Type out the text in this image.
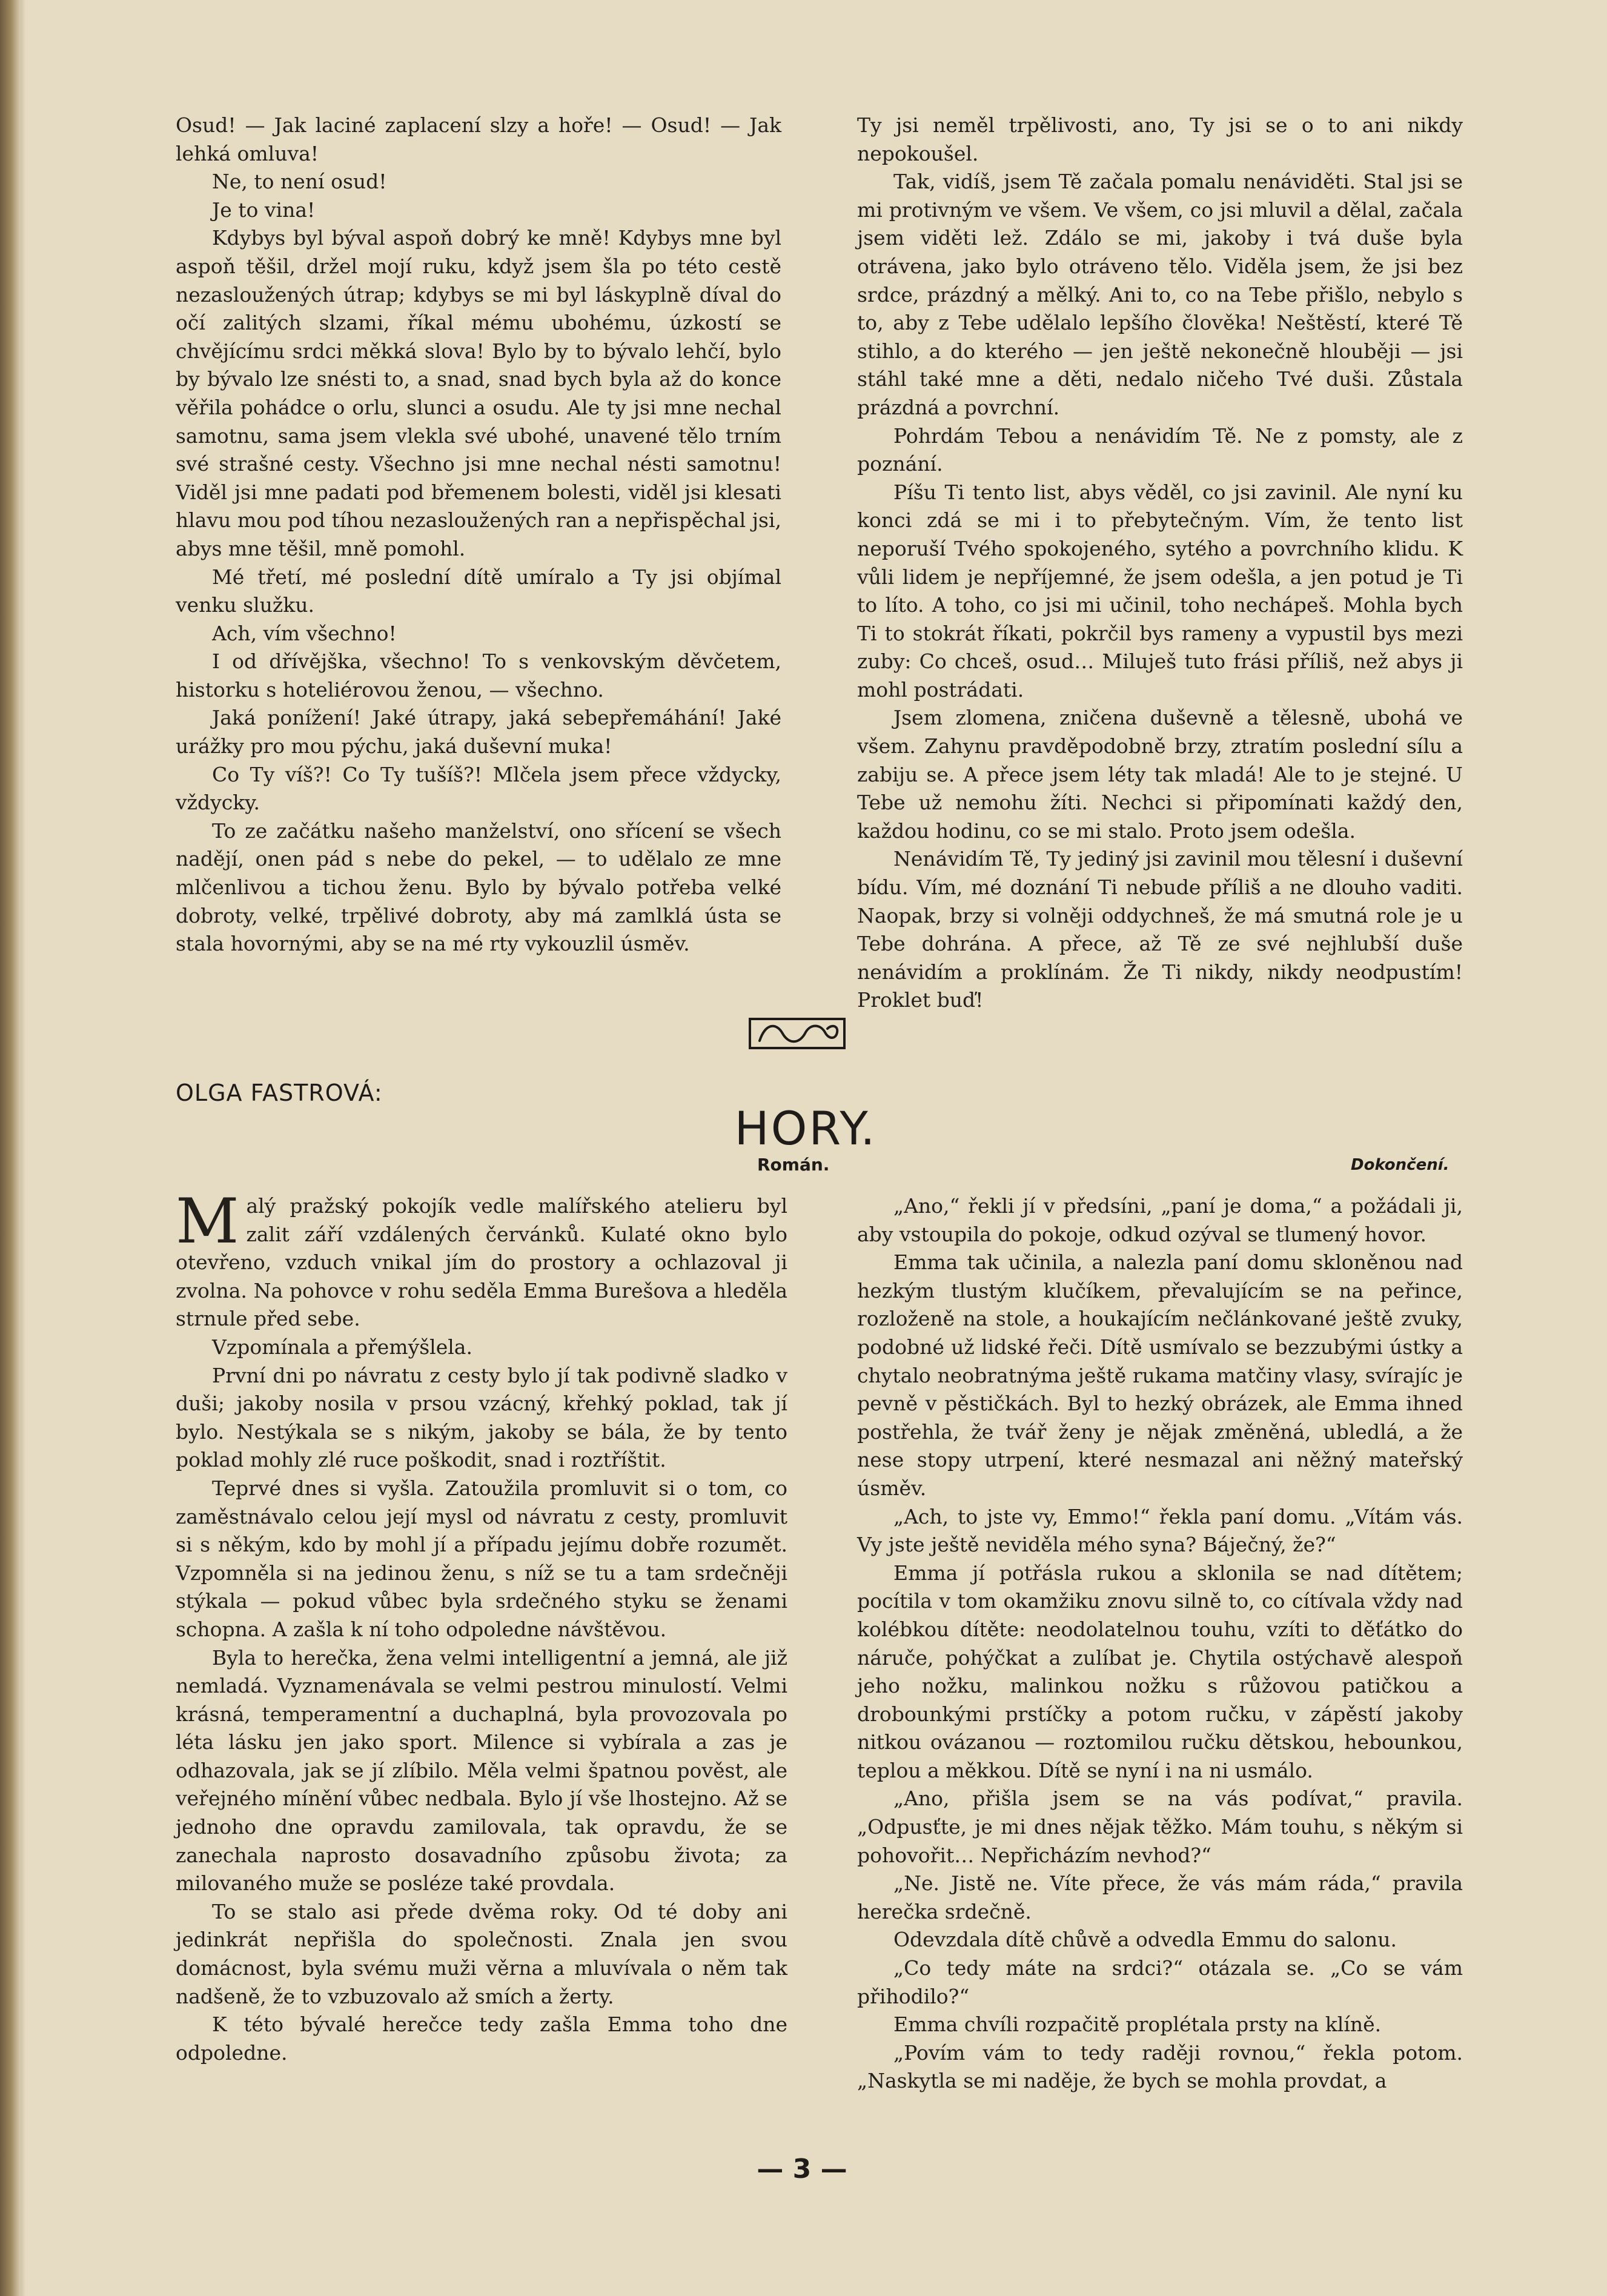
Osud! — Jak laciné zaplacení slzy a hoře! — Osud! — Jak lehká omluva!

Ne, to není osud!

Je to vina!

Kdybys byl býval aspoň dobrý ke mně! Kdybys mne byl aspoň těšil, držel mojí ruku, když jsem šla po této cestě nezasloužených útrap; kdybys se mi byl láskyplně díval do očí zalitých slzami, říkal mému ubohému, úzkostí se chvějícímu srdci měkká slova! Bylo by to bývalo lehčí, bylo by bývalo lze snésti to, a snad, snad bych byla až do konce věřila pohádce o orlu, slunci a osudu. Ale ty jsi mne nechal samotnu, sama jsem vlekla své ubohé, unavené tělo trním své strašné cesty. Všechno jsi mne nechal nésti samotnu! Viděl jsi mne padati pod břemenem bolesti, viděl jsi klesati hlavu mou pod tíhou nezasloužených ran a nepřispěchal jsi, abys mne těšil, mně pomohl.

Mé třetí, mé poslední dítě umíralo a Ty jsi objímal venku služku.

Ach, vím všechno!

I od dřívějška, všechno! To s venkovským děvčetem, historku s hoteliérovou ženou, — všechno.

Jaká ponížení! Jaké útrapy, jaká sebepřemáhání! Jaké urážky pro mou pýchu, jaká duševní muka!

Co Ty víš?! Co Ty tušíš?! Mlčela jsem přece vždycky, vždycky.

To ze začátku našeho manželství, ono sřícení se všech nadějí, onen pád s nebe do pekel, — to udělalo ze mne mlčenlivou a tichou ženu. Bylo by bývalo potřeba velké dobroty, velké, trpělivé dobroty, aby má zamlklá ústa se stala hovornými, aby se na mé rty vykouzlil úsměv.

Ty jsi neměl trpělivosti, ano, Ty jsi se o to ani nikdy nepokoušel.

Tak, vidíš, jsem Tě začala pomalu nenáviděti. Stal jsi se mi protivným ve všem. Ve všem, co jsi mluvil a dělal, začala jsem viděti lež. Zdálo se mi, jakoby i tvá duše byla otrávena, jako bylo otráveno tělo. Viděla jsem, že jsi bez srdce, prázdný a mělký. Ani to, co na Tebe přišlo, nebylo s to, aby z Tebe udělalo lepšího člověka! Neštěstí, které Tě stihlo, a do kterého — jen ještě nekonečně hlouběji — jsi stáhl také mne a děti, nedalo ničeho Tvé duši. Zůstala prázdná a povrchní.

Pohrdám Tebou a nenávidím Tě. Ne z pomsty, ale z poznání.

Píšu Ti tento list, abys věděl, co jsi zavinil. Ale nyní ku konci zdá se mi i to přebytečným. Vím, že tento list neporuší Tvého spokojeného, sytého a povrchního klidu. K vůli lidem je nepříjemné, že jsem odešla, a jen potud je Ti to líto. A toho, co jsi mi učinil, toho nechápeš. Mohla bych Ti to stokrát říkati, pokrčil bys rameny a vypustil bys mezi zuby: Co chceš, osud… Miluješ tuto frási příliš, než abys ji mohl postrádati.

Jsem zlomena, zničena duševně a tělesně, ubohá ve všem. Zahynu pravděpodobně brzy, ztratím poslední sílu a zabiju se. A přece jsem léty tak mladá! Ale to je stejné. U Tebe už nemohu žíti. Nechci si připomínati každý den, každou hodinu, co se mi stalo. Proto jsem odešla.

Nenávidím Tě, Ty jediný jsi zavinil mou tělesní i duševní bídu. Vím, mé doznání Ti nebude příliš a ne dlouho vaditi. Naopak, brzy si volněji oddychneš, že má smutná role je u Tebe dohrána. A přece, až Tě ze své nejhlubší duše nenávidím a proklínám. Že Ti nikdy, nikdy neodpustím! Proklet buď!

OLGA FASTROVÁ:
HORY.
Román.	Dokončení.

Malý pražský pokojík vedle malířského atelieru byl zalit září vzdálených červánků. Kulaté okno bylo otevřeno, vzduch vnikal jím do prostory a ochlazoval ji zvolna. Na pohovce v rohu seděla Emma Burešova a hleděla strnule před sebe.

Vzpomínala a přemýšlela.

První dni po návratu z cesty bylo jí tak podivně sladko v duši; jakoby nosila v prsou vzácný, křehký poklad, tak jí bylo. Nestýkala se s nikým, jakoby se bála, že by tento poklad mohly zlé ruce poškodit, snad i roztříštit.

Teprvé dnes si vyšla. Zatoužila promluvit si o tom, co zaměstnávalo celou její mysl od návratu z cesty, promluvit si s někým, kdo by mohl jí a případu jejímu dobře rozumět. Vzpomněla si na jedinou ženu, s níž se tu a tam srdečněji stýkala — pokud vůbec byla srdečného styku se ženami schopna. A zašla k ní toho odpoledne návštěvou.

Byla to herečka, žena velmi intelligentní a jemná, ale již nemladá. Vyznamenávala se velmi pestrou minulostí. Velmi krásná, temperamentní a duchaplná, byla provozovala po léta lásku jen jako sport. Milence si vybírala a zas je odhazovala, jak se jí zlíbilo. Měla velmi špatnou pověst, ale veřejného mínění vůbec nedbala. Bylo jí vše lhostejno. Až se jednoho dne opravdu zamilovala, tak opravdu, že se zanechala naprosto dosavadního způsobu života; za milovaného muže se posléze také provdala.

To se stalo asi přede dvěma roky. Od té doby ani jedinkrát nepřišla do společnosti. Znala jen svou domácnost, byla svému muži věrna a mluvívala o něm tak nadšeně, že to vzbuzovalo až smích a žerty.

K této bývalé herečce tedy zašla Emma toho dne odpoledne.

„Ano,“ řekli jí v předsíni, „paní je doma,“ a požádali ji, aby vstoupila do pokoje, odkud ozýval se tlumený hovor.

Emma tak učinila, a nalezla paní domu skloněnou nad hezkým tlustým klučíkem, převalujícím se na peřince, rozloženě na stole, a houkajícím nečlánkované ještě zvuky, podobné už lidské řeči. Dítě usmívalo se bezzubými ústky a chytalo neobratnýma ještě rukama matčiny vlasy, svírajíc je pevně v pěstičkách. Byl to hezký obrázek, ale Emma ihned postřehla, že tvář ženy je nějak změněná, ubledlá, a že nese stopy utrpení, které nesmazal ani něžný mateřský úsměv.

„Ach, to jste vy, Emmo!“ řekla paní domu. „Vítám vás. Vy jste ještě neviděla mého syna? Báječný, že?“

Emma jí potřásla rukou a sklonila se nad dítětem; pocítila v tom okamžiku znovu silně to, co cítívala vždy nad kolébkou dítěte: neodolatelnou touhu, vzíti to děťátko do náruče, pohýčkat a zulíbat je. Chytila ostýchavě alespoň jeho nožku, malinkou nožku s růžovou patičkou a drobounkými prstíčky a potom ručku, v zápěstí jakoby nitkou ovázanou — roztomilou ručku dětskou, hebounkou, teplou a měkkou. Dítě se nyní i na ni usmálo.

„Ano, přišla jsem se na vás podívat,“ pravila. „Odpusťte, je mi dnes nějak těžko. Mám touhu, s někým si pohovořit… Nepřicházím nevhod?“

„Ne. Jistě ne. Víte přece, že vás mám ráda,“ pravila herečka srdečně.

Odevzdala dítě chůvě a odvedla Emmu do salonu.

„Co tedy máte na srdci?“ otázala se. „Co se vám přihodilo?“

Emma chvíli rozpačitě proplétala prsty na klíně.

„Povím vám to tedy raději rovnou,“ řekla potom. „Naskytla se mi naděje, že bych se mohla provdat, a

— 3 —
